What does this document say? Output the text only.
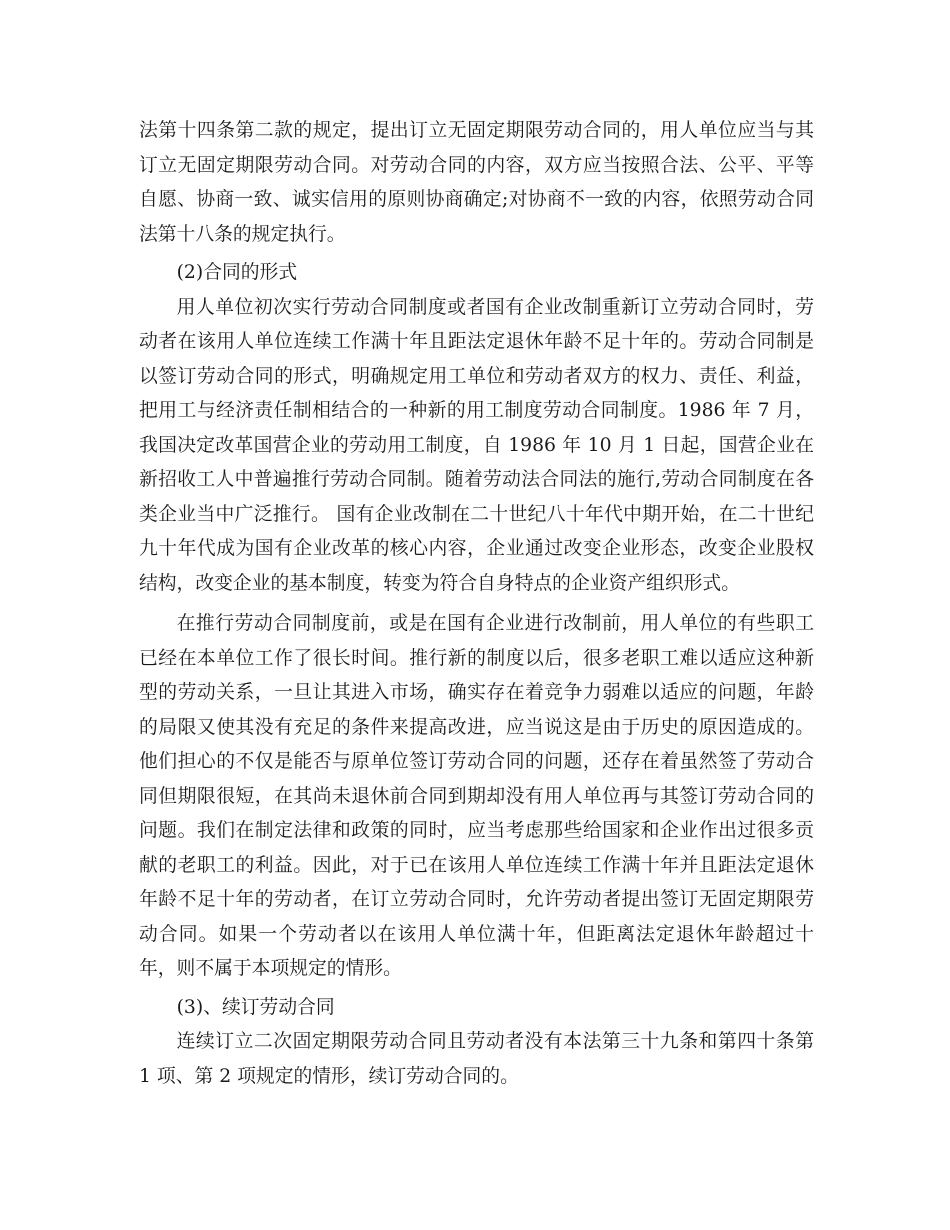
法第十四条第二款的规定，提出订立无固定期限劳动合同的，用人单位应当与其订立无固定期限劳动合同。对劳动合同的内容，双方应当按照合法、公平、平等自愿、协商一致、诚实信用的原则协商确定;对协商不一致的内容，依照劳动合同法第十八条的规定执行。

(2)合同的形式

用人单位初次实行劳动合同制度或者国有企业改制重新订立劳动合同时，劳动者在该用人单位连续工作满十年且距法定退休年龄不足十年的。劳动合同制是以签订劳动合同的形式，明确规定用工单位和劳动者双方的权力、责任、利益，把用工与经济责任制相结合的一种新的用工制度劳动合同制度。1986 年 7 月，我国决定改革国营企业的劳动用工制度，自 1986 年 10 月 1 日起，国营企业在新招收工人中普遍推行劳动合同制。随着劳动法合同法的施行,劳动合同制度在各类企业当中广泛推行。 国有企业改制在二十世纪八十年代中期开始，在二十世纪九十年代成为国有企业改革的核心内容，企业通过改变企业形态，改变企业股权结构，改变企业的基本制度，转变为符合自身特点的企业资产组织形式。

在推行劳动合同制度前，或是在国有企业进行改制前，用人单位的有些职工已经在本单位工作了很长时间。推行新的制度以后，很多老职工难以适应这种新型的劳动关系，一旦让其进入市场，确实存在着竞争力弱难以适应的问题，年龄的局限又使其没有充足的条件来提高改进，应当说这是由于历史的原因造成的。他们担心的不仅是能否与原单位签订劳动合同的问题，还存在着虽然签了劳动合同但期限很短，在其尚未退休前合同到期却没有用人单位再与其签订劳动合同的问题。我们在制定法律和政策的同时，应当考虑那些给国家和企业作出过很多贡献的老职工的利益。因此，对于已在该用人单位连续工作满十年并且距法定退休年龄不足十年的劳动者，在订立劳动合同时，允许劳动者提出签订无固定期限劳动合同。如果一个劳动者以在该用人单位满十年，但距离法定退休年龄超过十年，则不属于本项规定的情形。

(3)、续订劳动合同

连续订立二次固定期限劳动合同且劳动者没有本法第三十九条和第四十条第 1 项、第 2 项规定的情形，续订劳动合同的。
